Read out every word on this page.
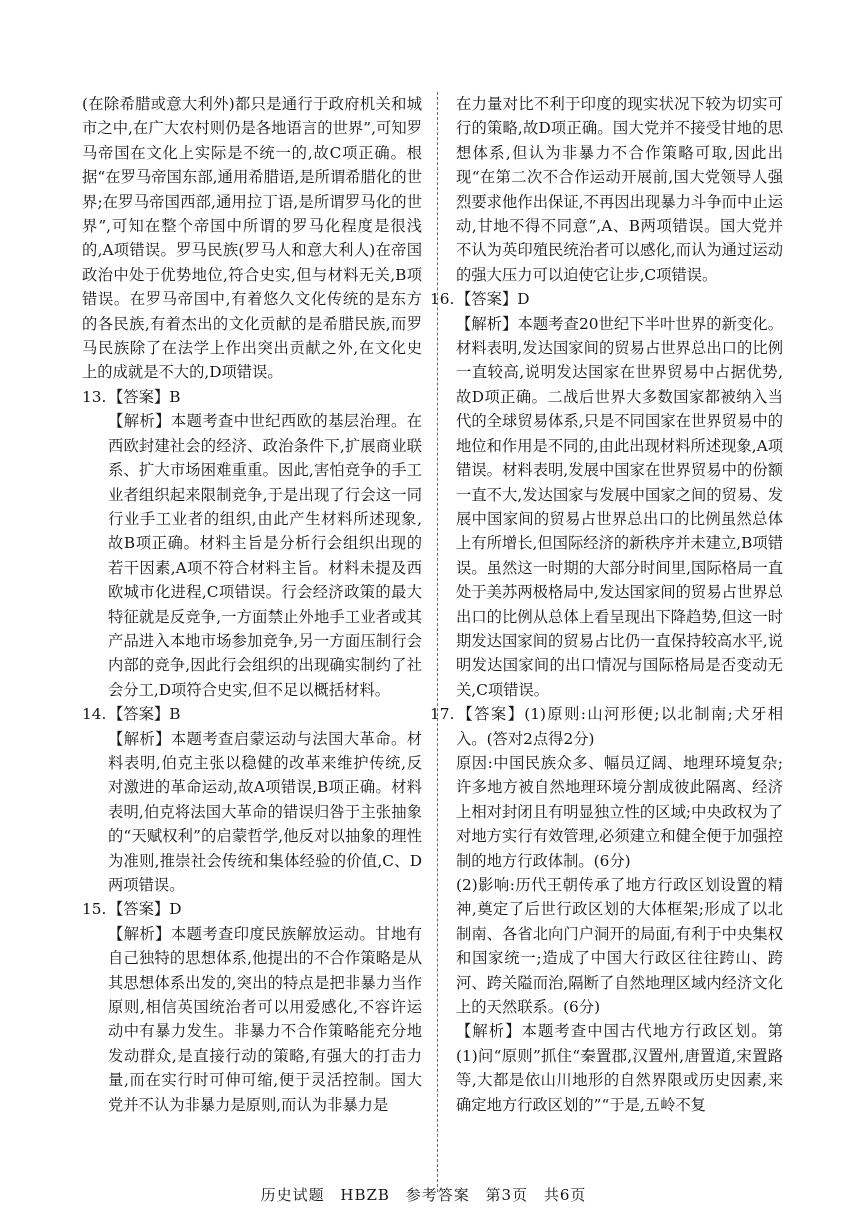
(在除希腊或意大利外)都只是通行于政府机关和城市之中,在广大农村则仍是各地语言的世界”,可知罗马帝国在文化上实际是不统一的,故C项正确。根据“在罗马帝国东部,通用希腊语,是所谓希腊化的世界;在罗马帝国西部,通用拉丁语,是所谓罗马化的世界”,可知在整个帝国中所谓的罗马化程度是很浅的,A项错误。罗马民族(罗马人和意大利人)在帝国政治中处于优势地位,符合史实,但与材料无关,B项错误。在罗马帝国中,有着悠久文化传统的是东方的各民族,有着杰出的文化贡献的是希腊民族,而罗马民族除了在法学上作出突出贡献之外,在文化史上的成就是不大的,D项错误。

13. 【答案】B

【解析】本题考查中世纪西欧的基层治理。在西欧封建社会的经济、政治条件下,扩展商业联系、扩大市场困难重重。因此,害怕竞争的手工业者组织起来限制竞争,于是出现了行会这一同行业手工业者的组织,由此产生材料所述现象,故B项正确。材料主旨是分析行会组织出现的若干因素,A项不符合材料主旨。材料未提及西欧城市化进程,C项错误。行会经济政策的最大特征就是反竞争,一方面禁止外地手工业者或其产品进入本地市场参加竞争,另一方面压制行会内部的竞争,因此行会组织的出现确实制约了社会分工,D项符合史实,但不足以概括材料。

14. 【答案】B

【解析】本题考查启蒙运动与法国大革命。材料表明,伯克主张以稳健的改革来维护传统,反对激进的革命运动,故A项错误,B项正确。材料表明,伯克将法国大革命的错误归咎于主张抽象的“天赋权利”的启蒙哲学,他反对以抽象的理性为准则,推崇社会传统和集体经验的价值,C、D两项错误。

15. 【答案】D

【解析】本题考查印度民族解放运动。甘地有自己独特的思想体系,他提出的不合作策略是从其思想体系出发的,突出的特点是把非暴力当作原则,相信英国统治者可以用爱感化,不容许运动中有暴力发生。非暴力不合作策略能充分地发动群众,是直接行动的策略,有强大的打击力量,而在实行时可伸可缩,便于灵活控制。国大党并不认为非暴力是原则,而认为非暴力是

在力量对比不利于印度的现实状况下较为切实可行的策略,故D项正确。国大党并不接受甘地的思想体系,但认为非暴力不合作策略可取,因此出现“在第二次不合作运动开展前,国大党领导人强烈要求他作出保证,不再因出现暴力斗争而中止运动,甘地不得不同意”,A、B两项错误。国大党并不认为英印殖民统治者可以感化,而认为通过运动的强大压力可以迫使它让步,C项错误。

16. 【答案】D

【解析】本题考查20世纪下半叶世界的新变化。材料表明,发达国家间的贸易占世界总出口的比例一直较高,说明发达国家在世界贸易中占据优势,故D项正确。二战后世界大多数国家都被纳入当代的全球贸易体系,只是不同国家在世界贸易中的地位和作用是不同的,由此出现材料所述现象,A项错误。材料表明,发展中国家在世界贸易中的份额一直不大,发达国家与发展中国家之间的贸易、发展中国家间的贸易占世界总出口的比例虽然总体上有所增长,但国际经济的新秩序并未建立,B项错误。虽然这一时期的大部分时间里,国际格局一直处于美苏两极格局中,发达国家间的贸易占世界总出口的比例从总体上看呈现出下降趋势,但这一时期发达国家间的贸易占比仍一直保持较高水平,说明发达国家间的出口情况与国际格局是否变动无关,C项错误。

17. 【答案】(1)原则:山河形便;以北制南;犬牙相入。(答对2点得2分)

原因:中国民族众多、幅员辽阔、地理环境复杂;许多地方被自然地理环境分割成彼此隔离、经济上相对封闭且有明显独立性的区域;中央政权为了对地方实行有效管理,必须建立和健全便于加强控制的地方行政体制。(6分)

(2)影响:历代王朝传承了地方行政区划设置的精神,奠定了后世行政区划的大体框架;形成了以北制南、各省北向门户洞开的局面,有利于中央集权和国家统一;造成了中国大行政区往往跨山、跨河、跨关隘而治,隔断了自然地理区域内经济文化上的天然联系。(6分)

【解析】本题考查中国古代地方行政区划。第(1)问“原则”抓住“秦置郡,汉置州,唐置道,宋置路等,大都是依山川地形的自然界限或历史因素,来确定地方行政区划的”“于是,五岭不复

历史试题 HBZB 参考答案 第3页 共6页
